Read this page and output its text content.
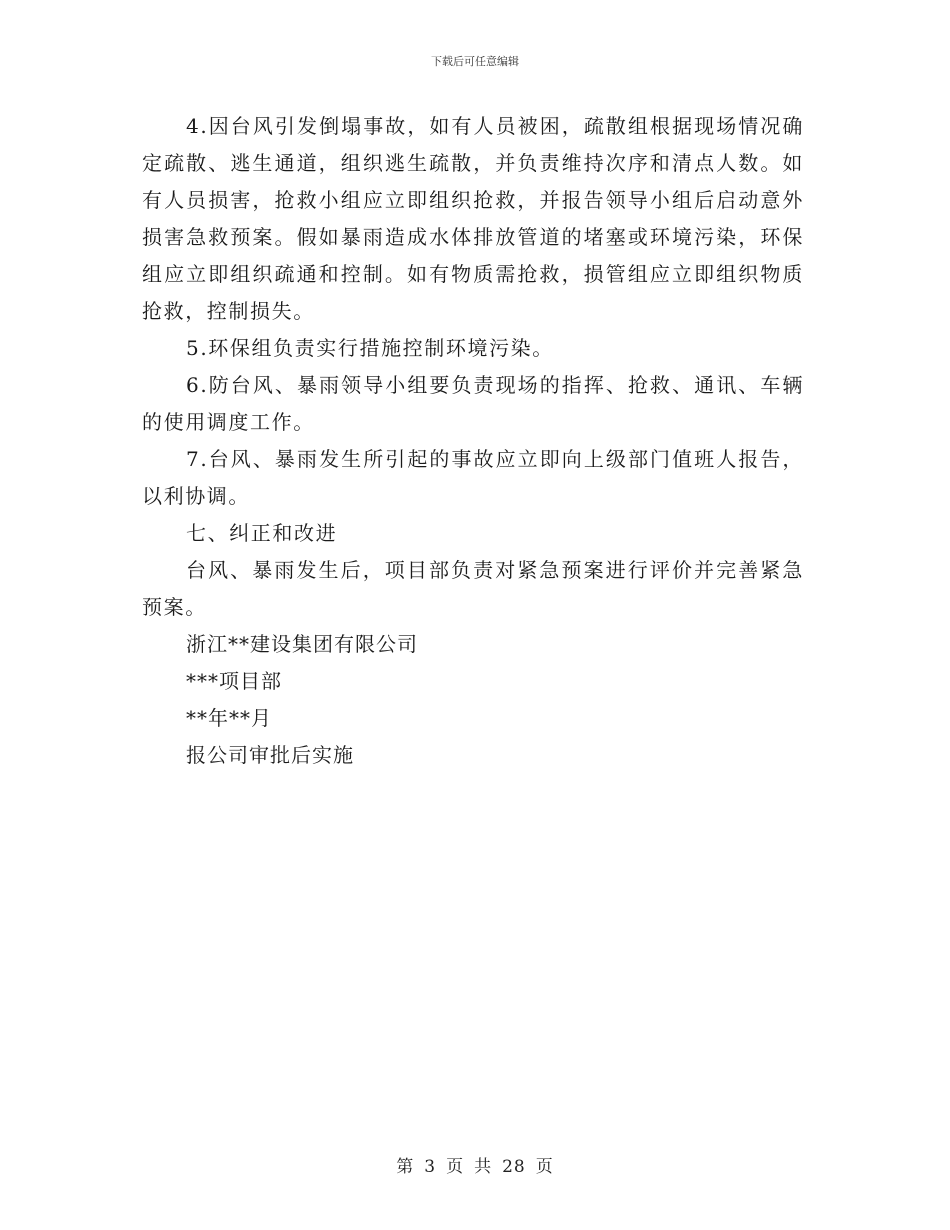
下载后可任意编辑

4.因台风引发倒塌事故，如有人员被困，疏散组根据现场情况确定疏散、逃生通道，组织逃生疏散，并负责维持次序和清点人数。如有人员损害，抢救小组应立即组织抢救，并报告领导小组后启动意外损害急救预案。假如暴雨造成水体排放管道的堵塞或环境污染，环保组应立即组织疏通和控制。如有物质需抢救，损管组应立即组织物质抢救，控制损失。

5.环保组负责实行措施控制环境污染。

6.防台风、暴雨领导小组要负责现场的指挥、抢救、通讯、车辆的使用调度工作。

7.台风、暴雨发生所引起的事故应立即向上级部门值班人报告，以利协调。

七、纠正和改进

台风、暴雨发生后，项目部负责对紧急预案进行评价并完善紧急预案。

浙江**建设集团有限公司

***项目部

**年**月

报公司审批后实施

第 3 页 共 28 页
